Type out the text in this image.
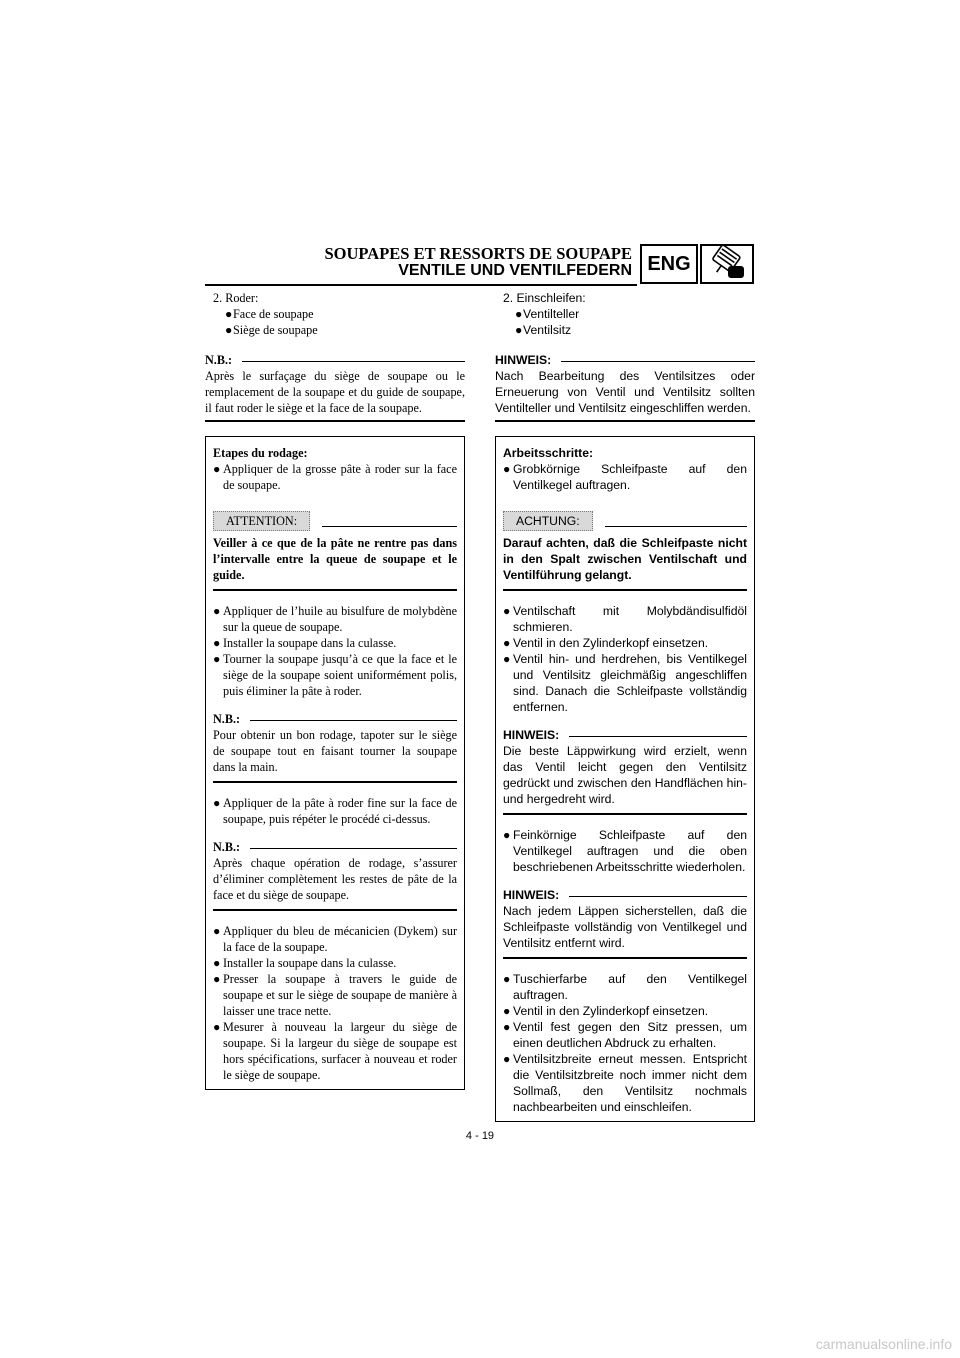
SOUPAPES ET RESSORTS DE SOUPAPE
VENTILE UND VENTILFEDERN ENG

2. Roder:

● Face de soupape

● Siège de soupape

N.B.:

Après le surfaçage du siège de soupape ou le remplacement de la soupape et du guide de soupape, il faut roder le siège et la face de la soupape.

Etapes du rodage:

● Appliquer de la grosse pâte à roder sur la face de soupape.

ATTENTION:

Veiller à ce que de la pâte ne rentre pas dans l’intervalle entre la queue de soupape et le guide.

● Appliquer de l’huile au bisulfure de molybdène sur la queue de soupape.

● Installer la soupape dans la culasse.

● Tourner la soupape jusqu’à ce que la face et le siège de la soupape soient uniformément polis, puis éliminer la pâte à roder.

N.B.:

Pour obtenir un bon rodage, tapoter sur le siège de soupape tout en faisant tourner la soupape dans la main.

● Appliquer de la pâte à roder fine sur la face de soupape, puis répéter le procédé ci-dessus.

N.B.:

Après chaque opération de rodage, s’assurer d’éliminer complètement les restes de pâte de la face et du siège de soupape.

● Appliquer du bleu de mécanicien (Dykem) sur la face de la soupape.

● Installer la soupape dans la culasse.

● Presser la soupape à travers le guide de soupape et sur le siège de soupape de manière à laisser une trace nette.

● Mesurer à nouveau la largeur du siège de soupape. Si la largeur du siège de soupape est hors spécifications, surfacer à nouveau et roder le siège de soupape.

2. Einschleifen:

● Ventilteller

● Ventilsitz

HINWEIS:

Nach Bearbeitung des Ventilsitzes oder Erneuerung von Ventil und Ventilsitz sollten Ventilteller und Ventilsitz eingeschliffen werden.

Arbeitsschritte:

● Grobkörnige Schleifpaste auf den Ventilkegel auftragen.

ACHTUNG:

Darauf achten, daß die Schleifpaste nicht in den Spalt zwischen Ventilschaft und Ventilführung gelangt.

● Ventilschaft mit Molybdändisulfidöl schmieren.

● Ventil in den Zylinderkopf einsetzen.

● Ventil hin- und herdrehen, bis Ventilkegel und Ventilsitz gleichmäßig angeschliffen sind. Danach die Schleifpaste vollständig entfernen.

HINWEIS:

Die beste Läppwirkung wird erzielt, wenn das Ventil leicht gegen den Ventilsitz gedrückt und zwischen den Handflächen hin- und hergedreht wird.

● Feinkörnige Schleifpaste auf den Ventilkegel auftragen und die oben beschriebenen Arbeitsschritte wiederholen.

HINWEIS:

Nach jedem Läppen sicherstellen, daß die Schleifpaste vollständig von Ventilkegel und Ventilsitz entfernt wird.

● Tuschierfarbe auf den Ventilkegel auftragen.

● Ventil in den Zylinderkopf einsetzen.

● Ventil fest gegen den Sitz pressen, um einen deutlichen Abdruck zu erhalten.

● Ventilsitzbreite erneut messen. Entspricht die Ventilsitzbreite noch immer nicht dem Sollmaß, den Ventilsitz nochmals nachbearbeiten und einschleifen.

4 - 19
carmanualsonline.info
